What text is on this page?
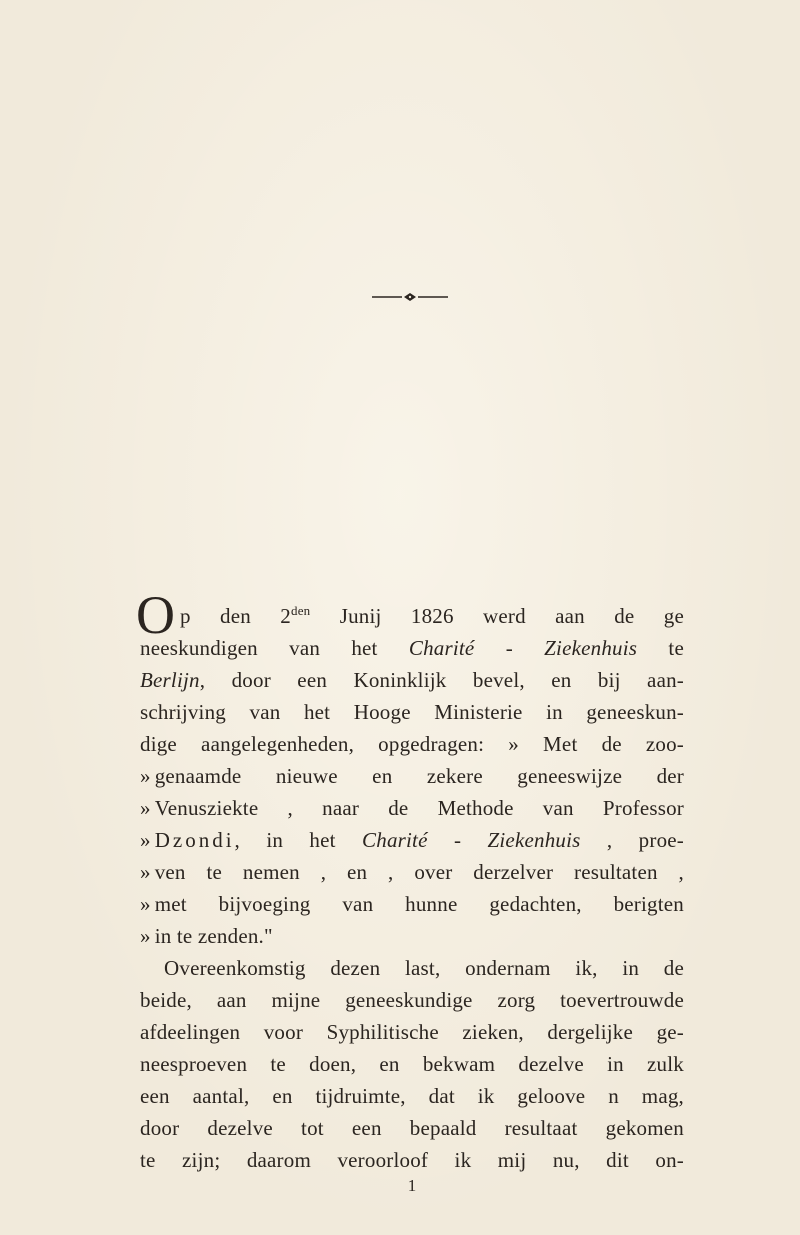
O p den $2^{den}$ Junij 1826 werd aan de ge
neeskundigen van het Charité - Ziekenhuis te
Berlijn, door een Koninklijk bevel, en bij aan-
schrijving van het Hooge Ministerie in geneeskun-
dige aangelegenheden, opgedragen: » Met de zoo-
» genaamde nieuwe en zekere geneeswijze der
» Venusziekte , naar de Methode van Professor
» Dzondi, in het Charité - Ziekenhuis , proe-
» ven te nemen , en , over derzelver resultaten ,
» met bijvoeging van hunne gedachten, berigten
» in te zenden."
Overeenkomstig dezen last, ondernam ik, in de
beide, aan mijne geneeskundige zorg toevertrouwde
afdeelingen voor Syphilitische zieken, dergelijke ge-
neesproeven te doen, en bekwam dezelve in zulk
een aantal, en tijdruimte, dat ik geloove n mag,
door dezelve tot een bepaald resultaat gekomen
te zijn; daarom veroorloof ik mij nu, dit on-
1
